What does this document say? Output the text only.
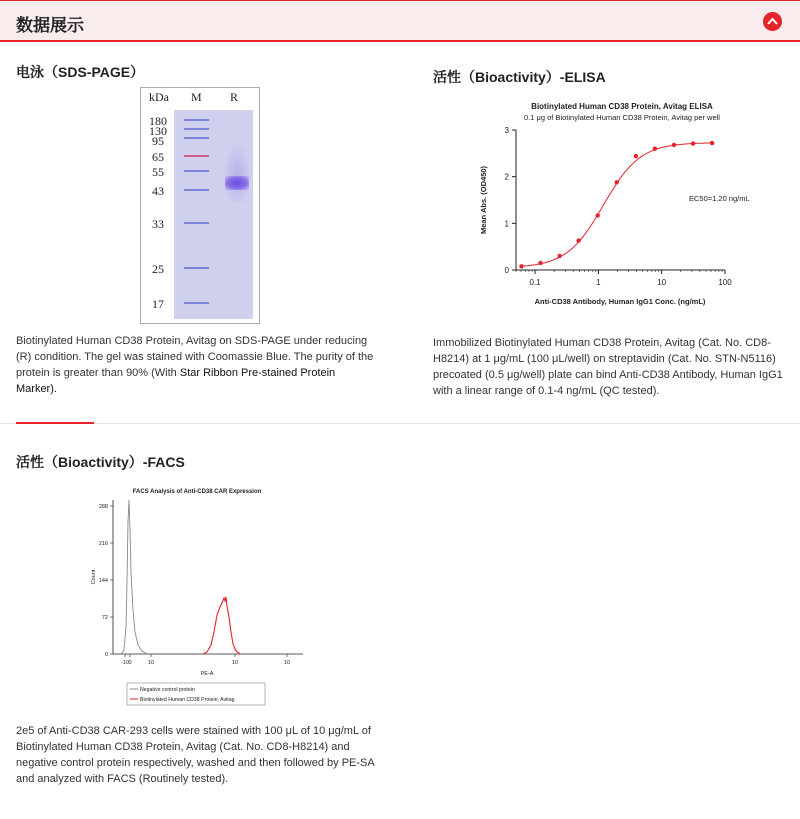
数据展示
电泳（SDS-PAGE）
kDa M R
180
130
95
65
55
43
33
25
17
Biotinylated Human CD38 Protein, Avitag on SDS-PAGE under reducing
(R) condition. The gel was stained with Coomassie Blue. The purity of the
protein is greater than 90% (With Star Ribbon Pre-stained Protein
Marker).
活性（Bioactivity）-ELISA
Biotinylated Human CD38 Protein, Avitag ELISA
0.1 μg of Biotinylated Human CD38 Protein, Avitag per well
0
1
2
3
0.1	1	10	100
EC50=1.20 ng/mL
Anti-CD38 Antibody, Human IgG1 Conc. (ng/mL)
Mean Abs. (OD450)
Immobilized Biotinylated Human CD38 Protein, Avitag (Cat. No. CD8-
H8214) at 1 μg/mL (100 μL/well) on streptavidin (Cat. No. STN-N5116)
precoated (0.5 μg/well) plate can bind Anti-CD38 Antibody, Human IgG1
with a linear range of 0.1-4 ng/mL (QC tested).
活性（Bioactivity）-FACS
FACS Analysis of Anti-CD38 CAR Expression
0
72
144
216
288
-10 0	10	10	10
Count
PE-A
Negative control protein
Biotinylated Human CD38 Protein, Avitag
2e5 of Anti-CD38 CAR-293 cells were stained with 100 μL of 10 μg/mL of
Biotinylated Human CD38 Protein, Avitag (Cat. No. CD8-H8214) and
negative control protein respectively, washed and then followed by PE-SA
and analyzed with FACS (Routinely tested).
